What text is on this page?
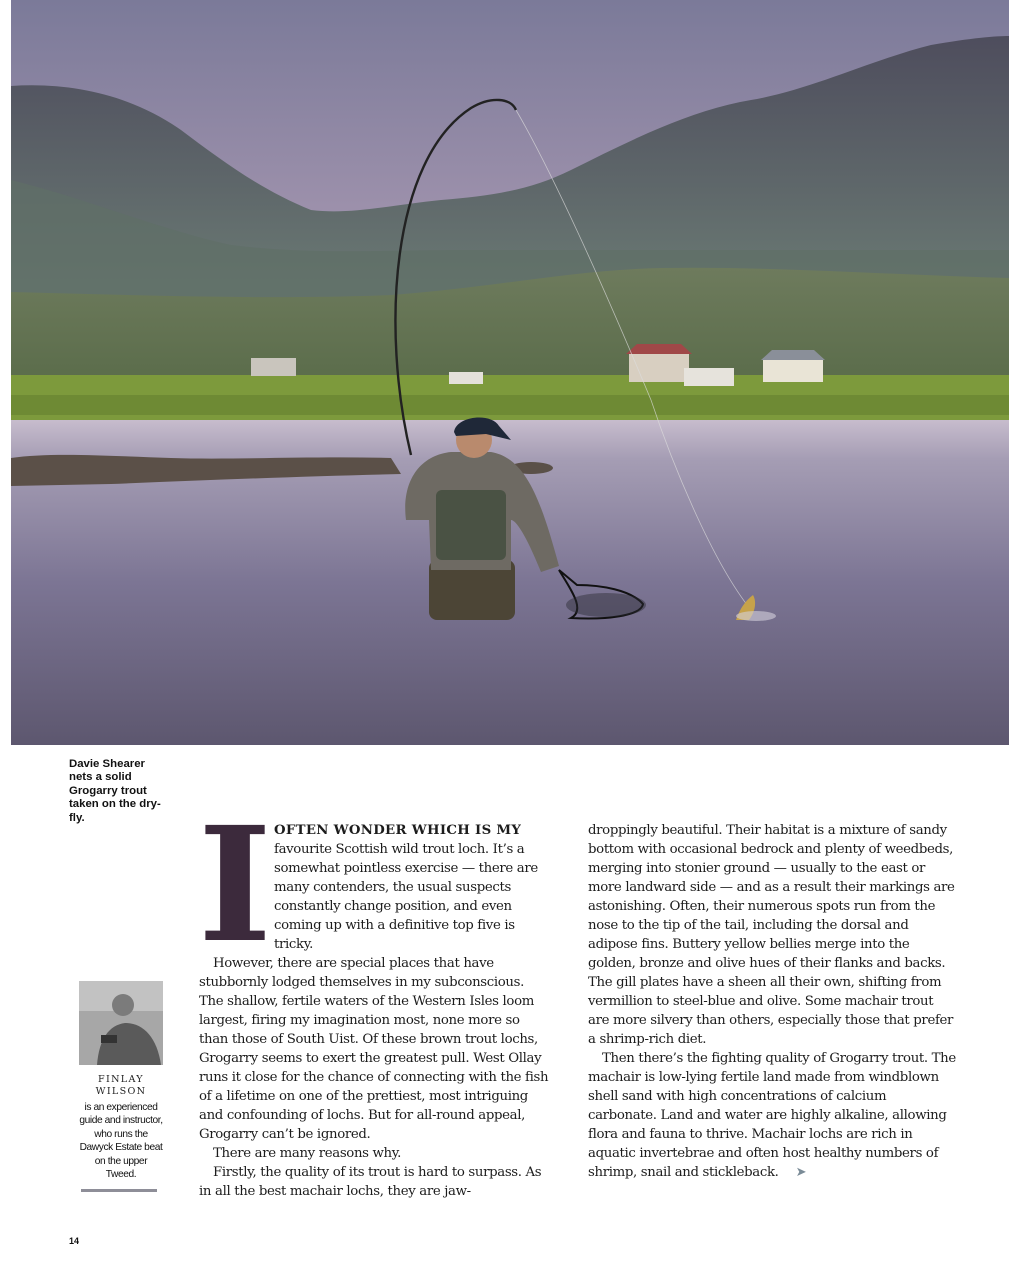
Davie Shearer nets a solid Grogarry trout taken on the dry-fly.
FINLAY
WILSON
is an experienced guide and instructor, who runs the Dawyck Estate beat on the upper Tweed.
I OFTEN WONDER WHICH IS MY favourite Scottish wild trout loch. It’s a somewhat pointless exercise — there are many contenders, the usual suspects constantly change position, and even coming up with a definitive top five is tricky.

However, there are special places that have stubbornly lodged themselves in my subconscious. The shallow, fertile waters of the Western Isles loom largest, firing my imagination most, none more so than those of South Uist. Of these brown trout lochs, Grogarry seems to exert the greatest pull. West Ollay runs it close for the chance of connecting with the fish of a lifetime on one of the prettiest, most intriguing and confounding of lochs. But for all-round appeal, Grogarry can’t be ignored.

There are many reasons why.

Firstly, the quality of its trout is hard to surpass. As in all the best machair lochs, they are jaw-

droppingly beautiful. Their habitat is a mixture of sandy bottom with occasional bedrock and plenty of weedbeds, merging into stonier ground — usually to the east or more landward side — and as a result their markings are astonishing. Often, their numerous spots run from the nose to the tip of the tail, including the dorsal and adipose fins. Buttery yellow bellies merge into the golden, bronze and olive hues of their flanks and backs. The gill plates have a sheen all their own, shifting from vermillion to steel-blue and olive. Some machair trout are more silvery than others, especially those that prefer a shrimp-rich diet.

Then there’s the fighting quality of Grogarry trout. The machair is low-lying fertile land made from windblown shell sand with high concentrations of calcium carbonate. Land and water are highly alkaline, allowing flora and fauna to thrive. Machair lochs are rich in aquatic invertebrae and often host healthy numbers of shrimp, snail and stickleback. ➤

14
